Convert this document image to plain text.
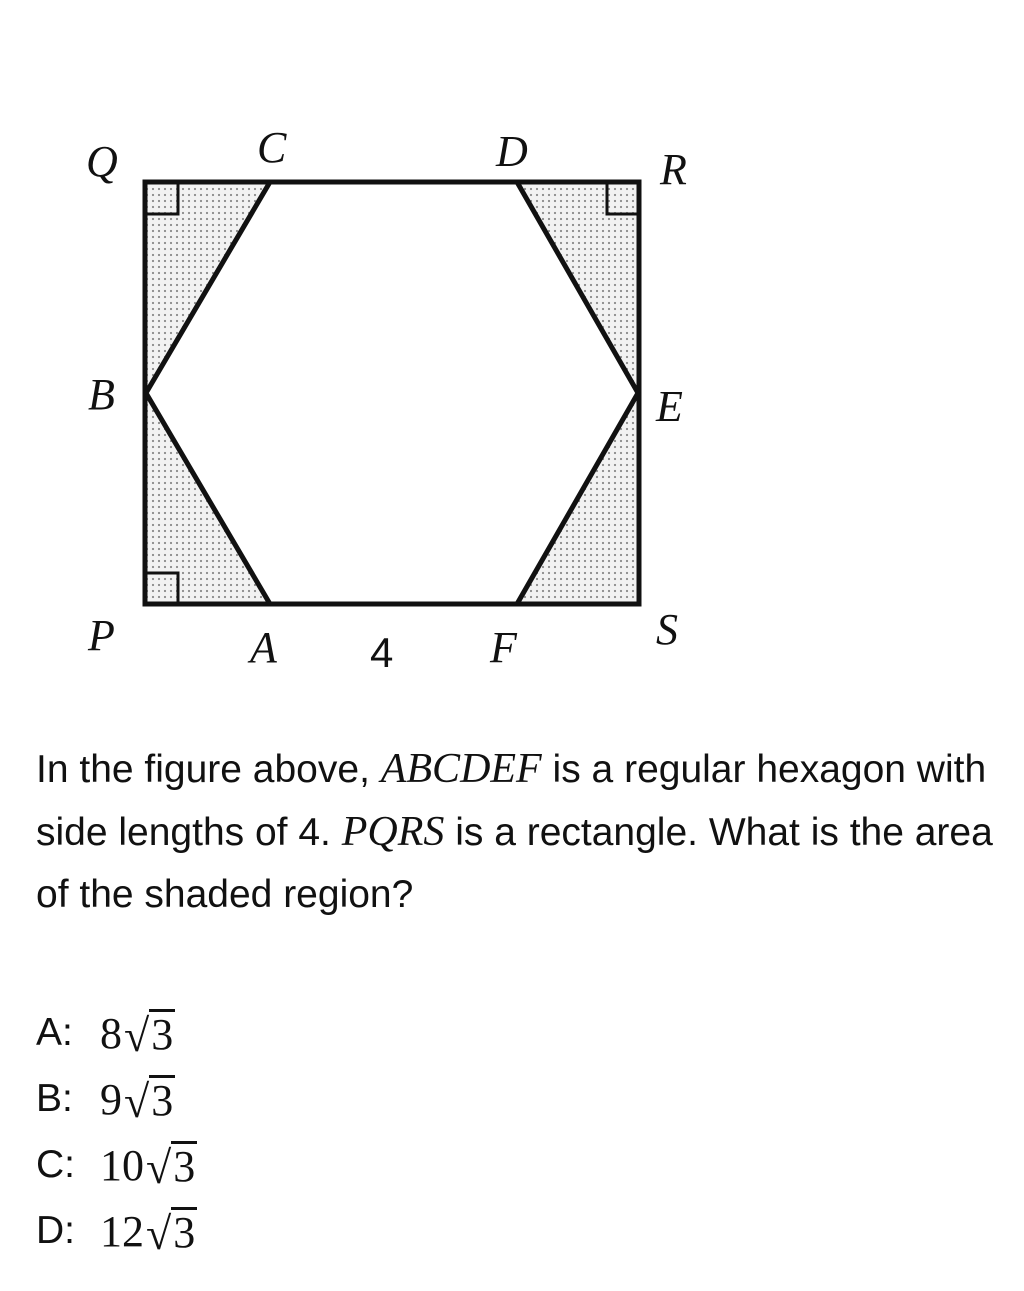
Q	C	D	R
B	E
P	A 4 F	S
In the figure above, ABCDEF is a regular hexagon with side lengths of 4. PQRS is a rectangle. What is the area of the shaded region?
A: 8 √ 3
B: 9 √ 3
C: 10 √ 3
D: 12 √ 3
